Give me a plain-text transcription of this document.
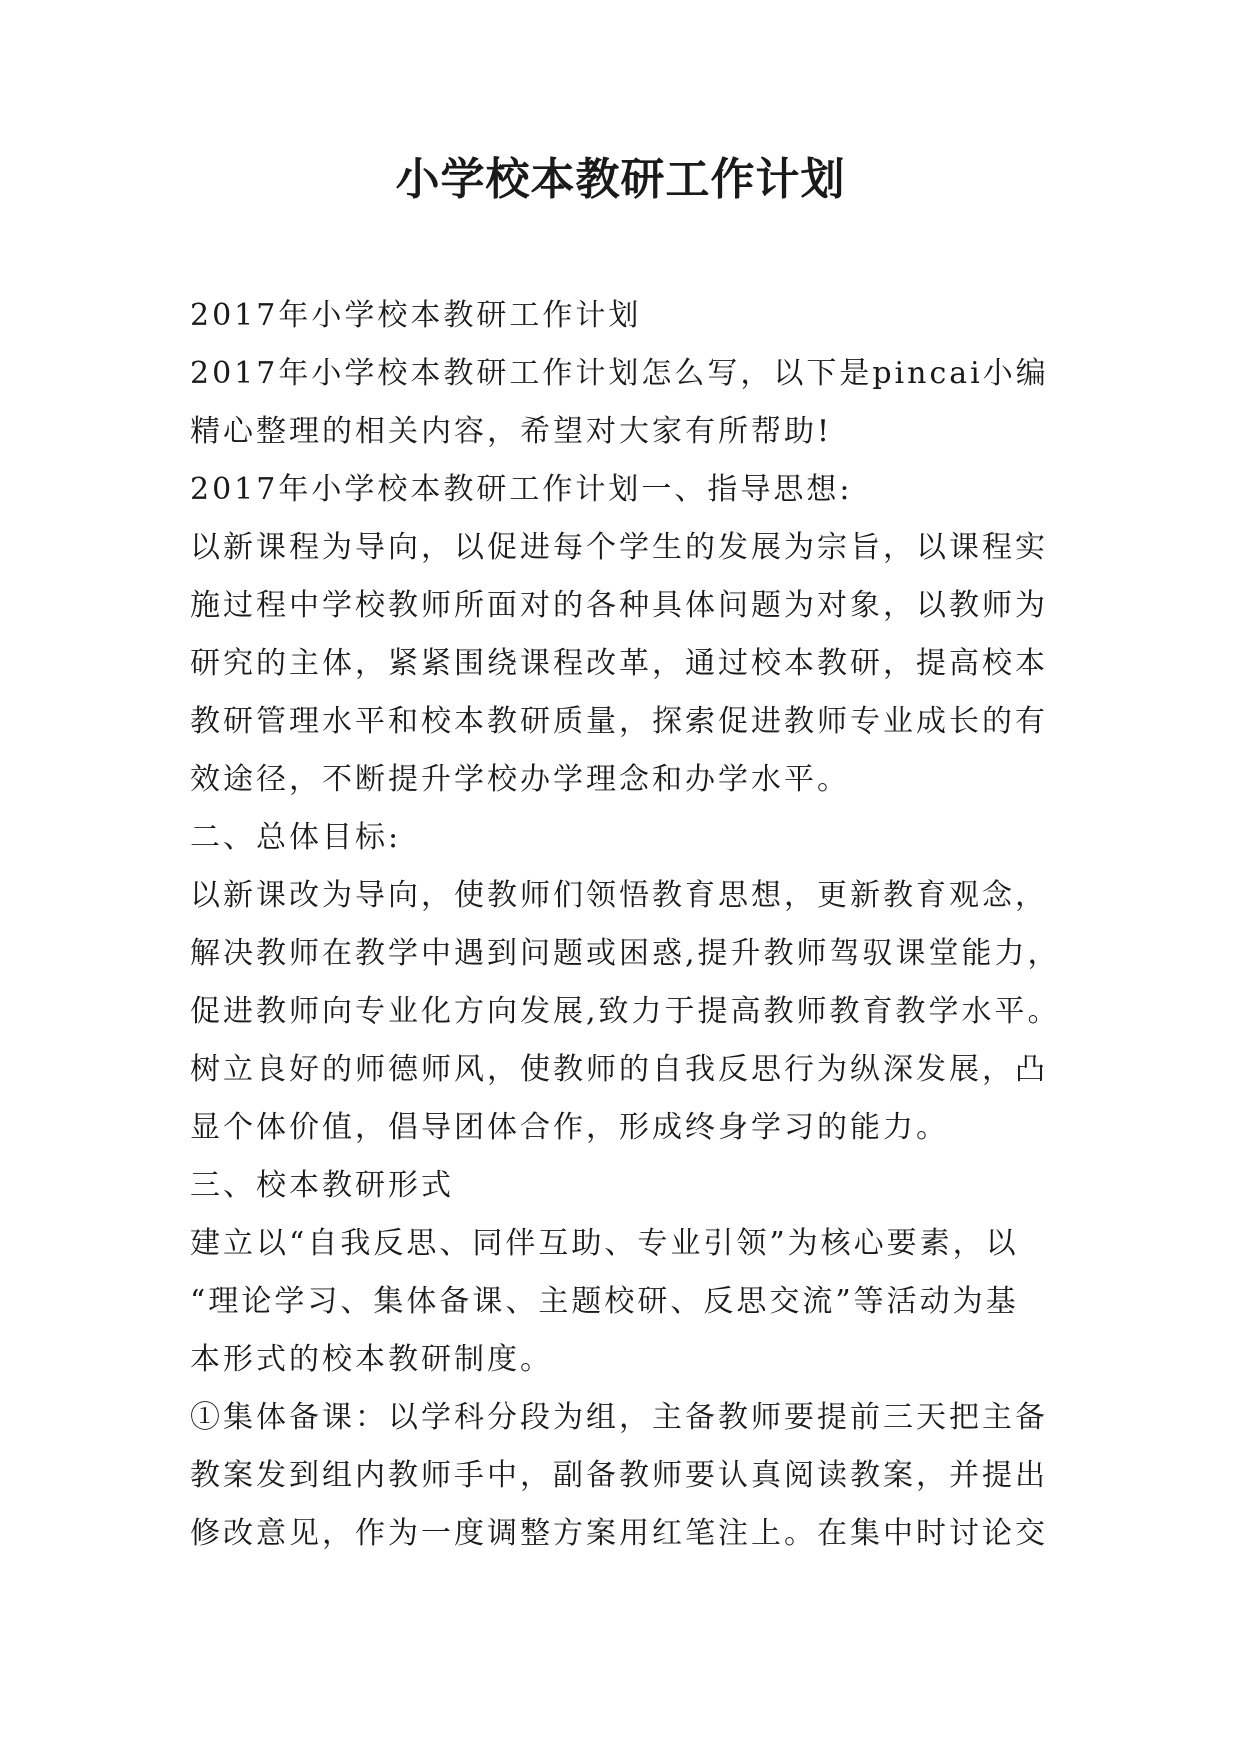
小学校本教研工作计划
2017年小学校本教研工作计划
2017年小学校本教研工作计划怎么写，以下是pincai小编
精心整理的相关内容，希望对大家有所帮助!
2017年小学校本教研工作计划一、指导思想:
以新课程为导向，以促进每个学生的发展为宗旨，以课程实
施过程中学校教师所面对的各种具体问题为对象，以教师为
研究的主体，紧紧围绕课程改革，通过校本教研，提高校本
教研管理水平和校本教研质量，探索促进教师专业成长的有
效途径，不断提升学校办学理念和办学水平。
二、总体目标:
以新课改为导向，使教师们领悟教育思想，更新教育观念，
解决教师在教学中遇到问题或困惑,提升教师驾驭课堂能力，
促进教师向专业化方向发展,致力于提高教师教育教学水平。
树立良好的师德师风，使教师的自我反思行为纵深发展，凸
显个体价值，倡导团体合作，形成终身学习的能力。
三、校本教研形式
建立以“自我反思、同伴互助、专业引领”为核心要素，以
“理论学习、集体备课、主题校研、反思交流”等活动为基
本形式的校本教研制度。
①集体备课：以学科分段为组，主备教师要提前三天把主备
教案发到组内教师手中，副备教师要认真阅读教案，并提出
修改意见，作为一度调整方案用红笔注上。在集中时讨论交
